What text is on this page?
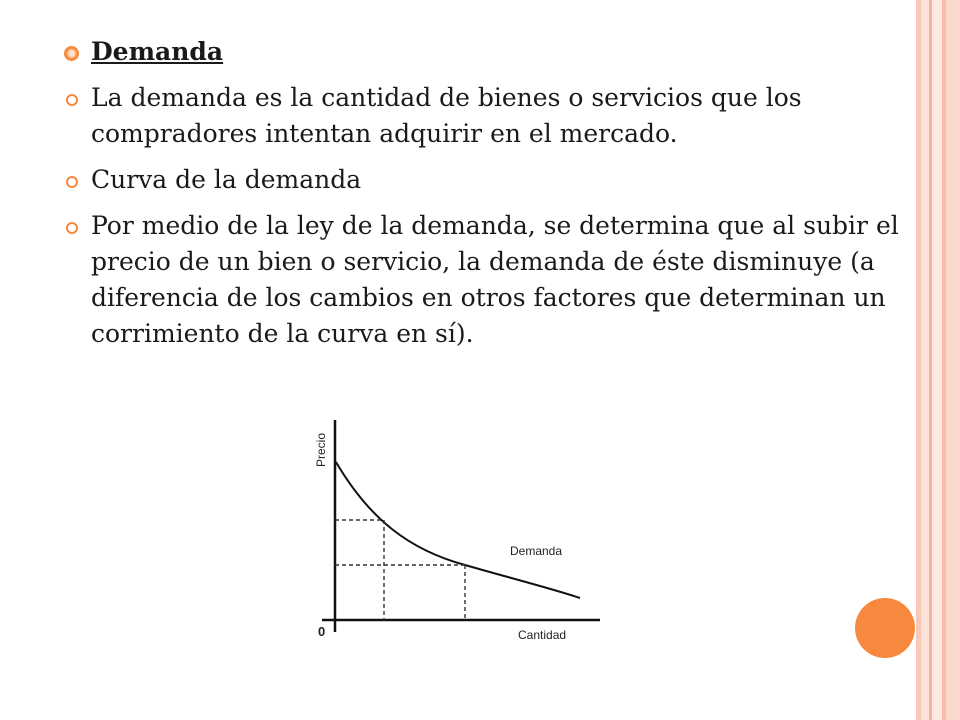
Demanda
La demanda es la cantidad de bienes o servicios que los compradores intentan adquirir en el mercado.
Curva de la demanda
Por medio de la ley de la demanda, se determina que al subir el precio de un bien o servicio, la demanda de éste disminuye (a diferencia de los cambios en otros factores que determinan un corrimiento de la curva en sí).
Precio
Cantidad
0
Demanda
